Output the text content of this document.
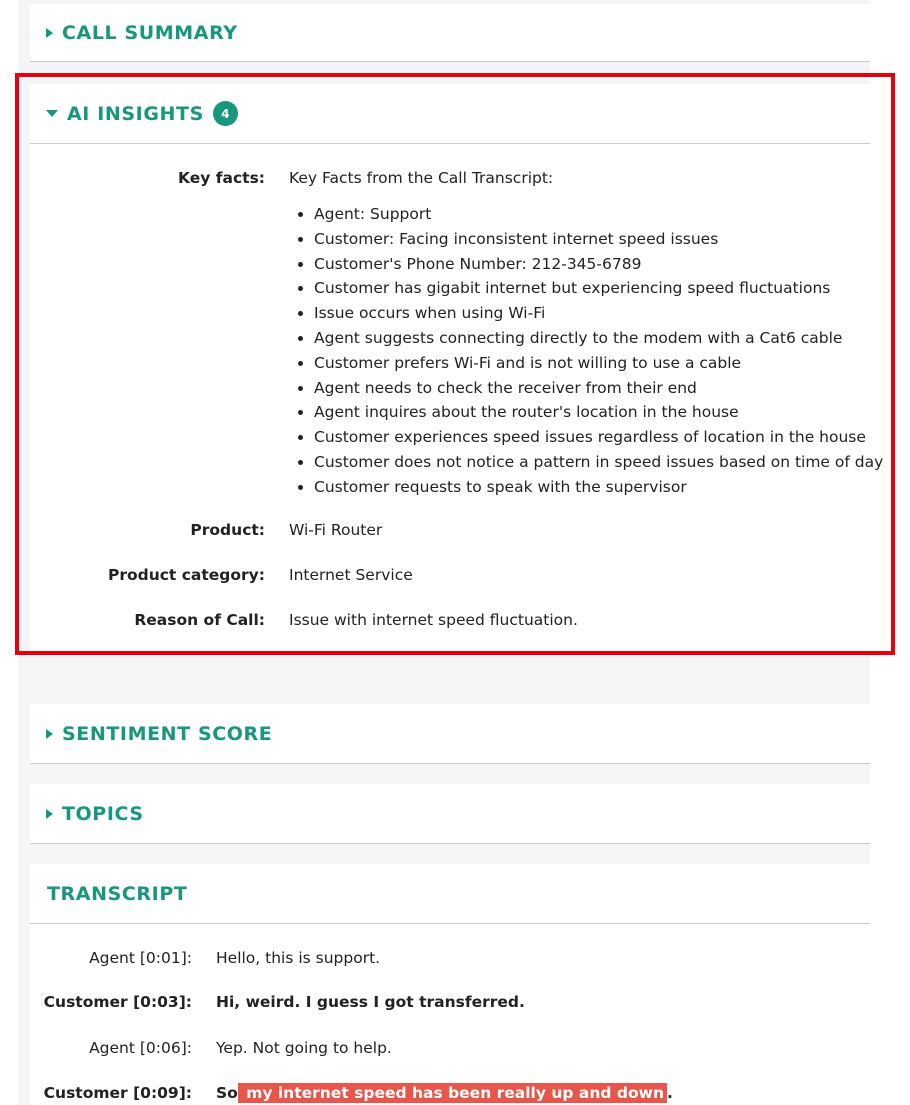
CALL SUMMARY
AI INSIGHTS	4
Key facts: Key Facts from the Call Transcript:
• Agent: Support
• Customer: Facing inconsistent internet speed issues
• Customer's Phone Number: 212-345-6789
• Customer has gigabit internet but experiencing speed fluctuations
• Issue occurs when using Wi-Fi
• Agent suggests connecting directly to the modem with a Cat6 cable
• Customer prefers Wi-Fi and is not willing to use a cable
• Agent needs to check the receiver from their end
• Agent inquires about the router's location in the house
• Customer experiences speed issues regardless of location in the house
• Customer does not notice a pattern in speed issues based on time of day
• Customer requests to speak with the supervisor
Product: Wi-Fi Router
Product category: Internet Service
Reason of Call: Issue with internet speed fluctuation.
SENTIMENT SCORE
TOPICS
TRANSCRIPT
Agent [0:01]: Hello, this is support.
Customer [0:03]: Hi, weird. I guess I got transferred.
Agent [0:06]: Yep. Not going to help.
Customer [0:09]: So my internet speed has been really up and down .
